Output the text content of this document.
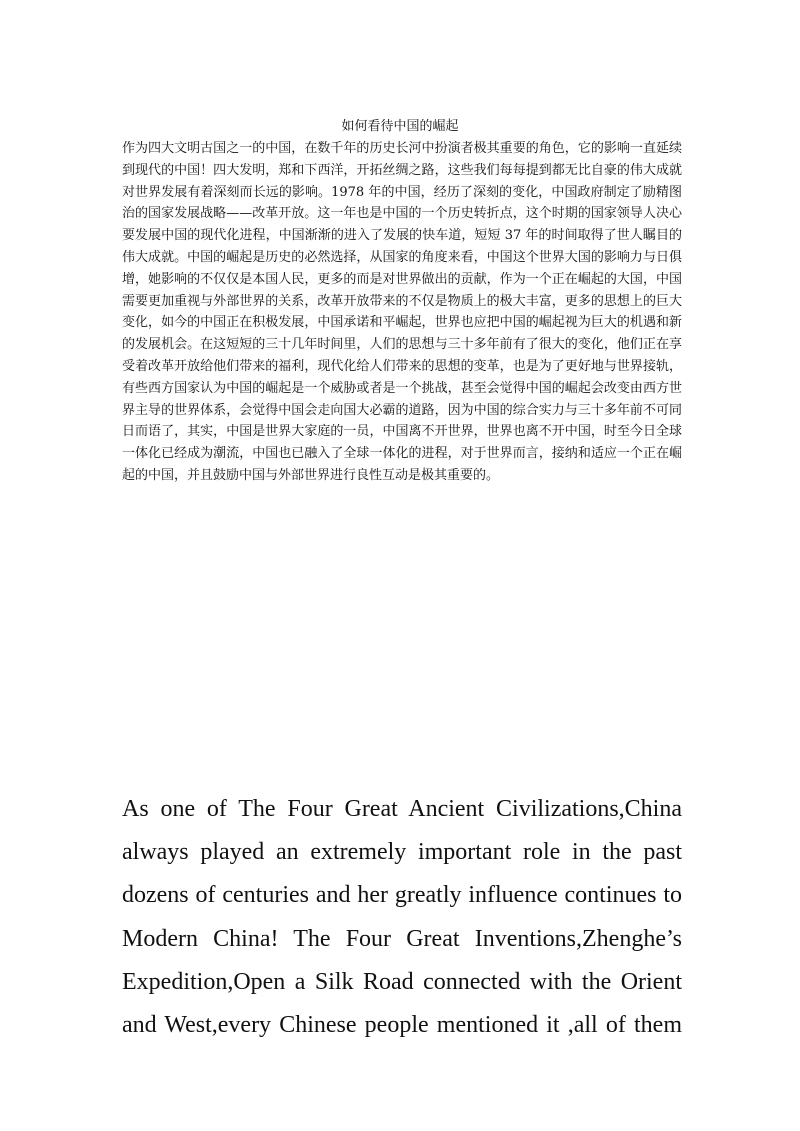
如何看待中国的崛起
作为四大文明古国之一的中国，在数千年的历史长河中扮演者极其重要的角色，它的影响一直延续到现代的中国！四大发明，郑和下西洋，开拓丝绸之路，这些我们每每提到都无比自豪的伟大成就对世界发展有着深刻而长远的影响。1978 年的中国，经历了深刻的变化，中国政府制定了励精图治的国家发展战略——改革开放。这一年也是中国的一个历史转折点，这个时期的国家领导人决心要发展中国的现代化进程，中国渐渐的进入了发展的快车道，短短 37 年的时间取得了世人瞩目的伟大成就。中国的崛起是历史的必然选择，从国家的角度来看，中国这个世界大国的影响力与日俱增，她影响的不仅仅是本国人民，更多的而是对世界做出的贡献，作为一个正在崛起的大国，中国需要更加重视与外部世界的关系，改革开放带来的不仅是物质上的极大丰富，更多的思想上的巨大变化，如今的中国正在积极发展，中国承诺和平崛起，世界也应把中国的崛起视为巨大的机遇和新的发展机会。在这短短的三十几年时间里，人们的思想与三十多年前有了很大的变化，他们正在享受着改革开放给他们带来的福利，现代化给人们带来的思想的变革，也是为了更好地与世界接轨，有些西方国家认为中国的崛起是一个威胁或者是一个挑战，甚至会觉得中国的崛起会改变由西方世界主导的世界体系，会觉得中国会走向国大必霸的道路，因为中国的综合实力与三十多年前不可同日而语了，其实，中国是世界大家庭的一员，中国离不开世界，世界也离不开中国，时至今日全球一体化已经成为潮流，中国也已融入了全球一体化的进程，对于世界而言，接纳和适应一个正在崛起的中国，并且鼓励中国与外部世界进行良性互动是极其重要的。
As one of The Four Great Ancient Civilizations,China
always played an extremely important role in the past
dozens of centuries and her greatly influence continues to
Modern China! The Four Great Inventions,Zhenghe’s
Expedition,Open a Silk Road connected with the Orient
and West,every Chinese people mentioned it ,all of them
